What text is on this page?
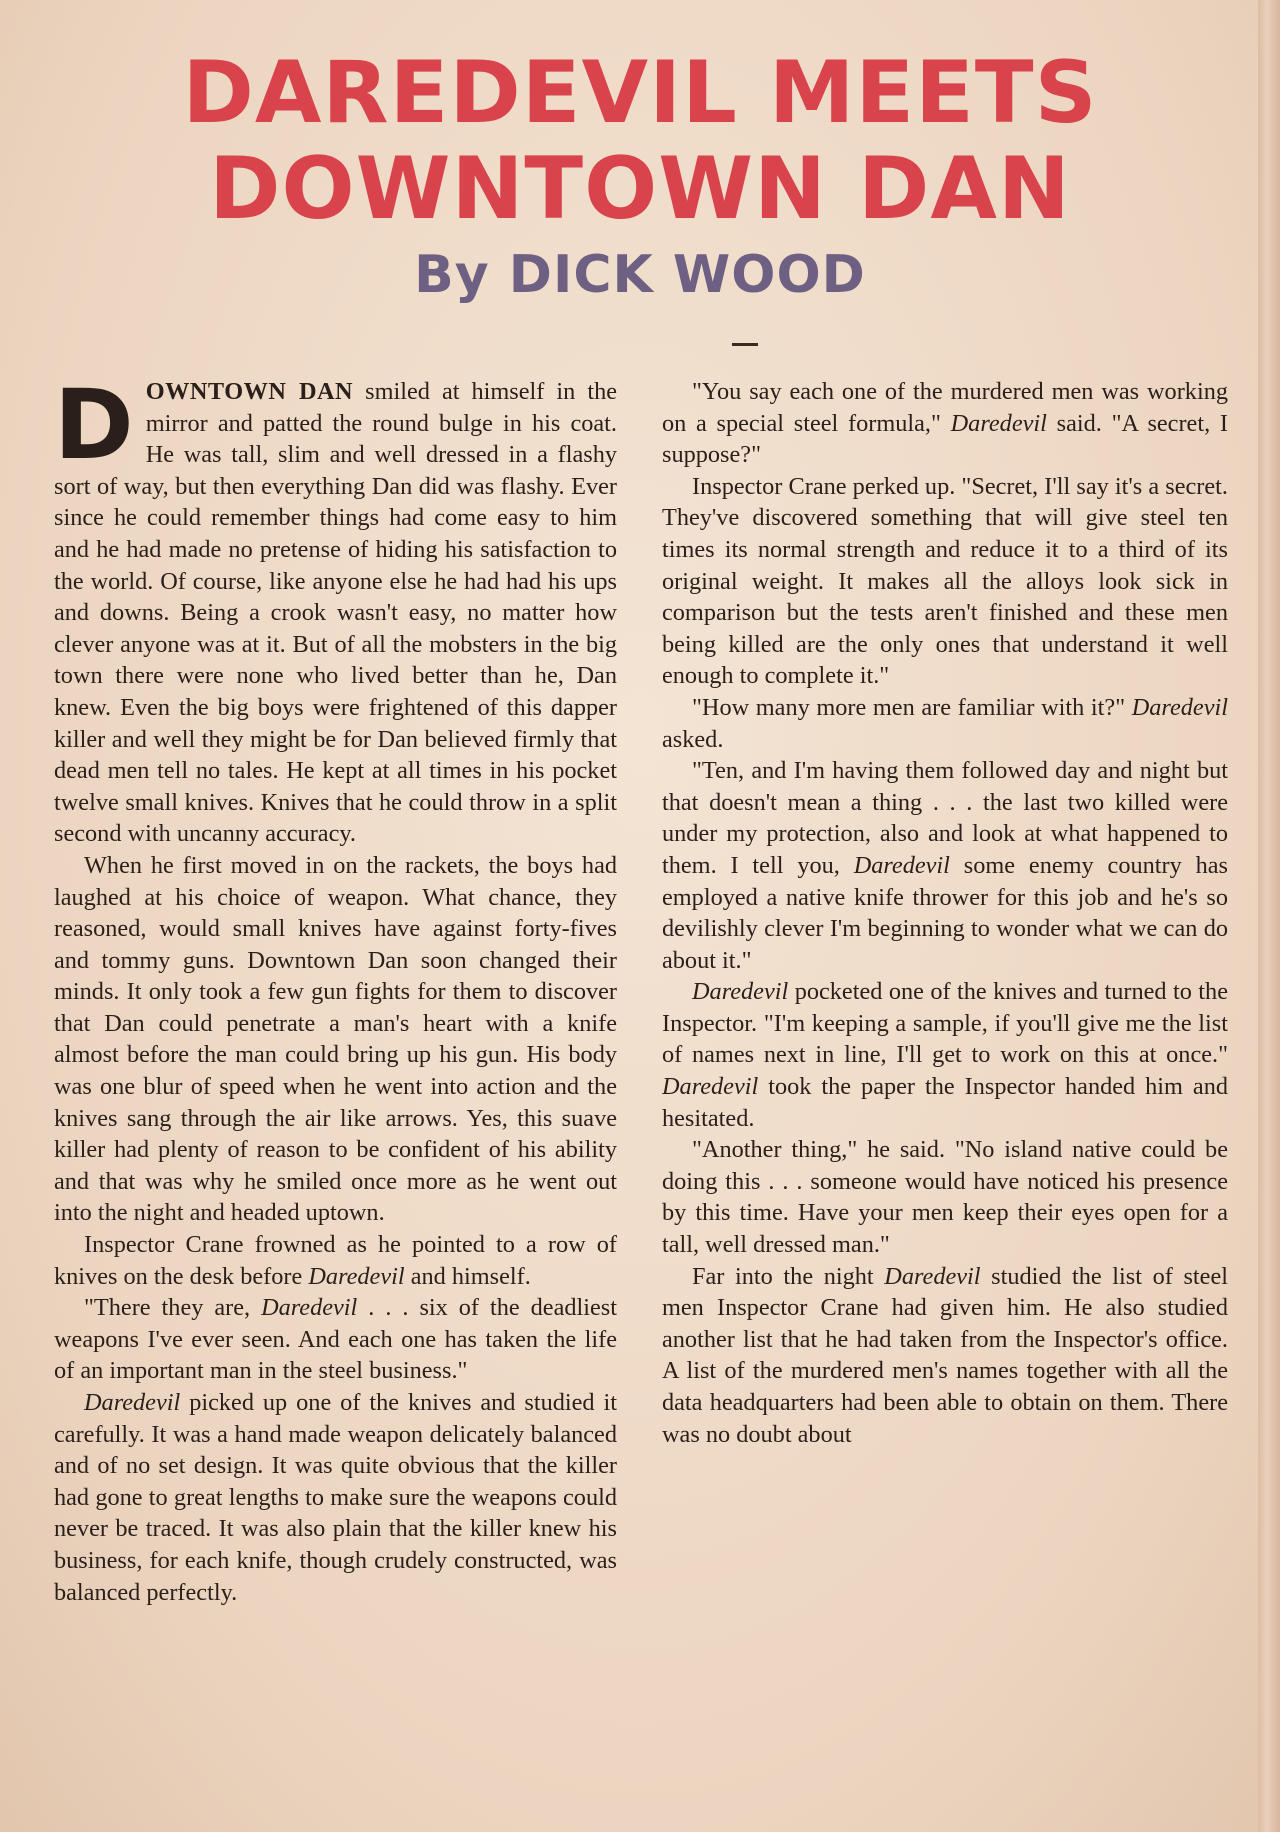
DAREDEVIL MEETS
DOWNTOWN DAN
By DICK WOOD

DOWNTOWN DAN smiled at himself in the mirror and patted the round bulge in his coat. He was tall, slim and well dressed in a flashy sort of way, but then everything Dan did was flashy. Ever since he could remember things had come easy to him and he had made no pretense of hiding his satisfaction to the world. Of course, like anyone else he had had his ups and downs. Being a crook wasn't easy, no matter how clever anyone was at it. But of all the mobsters in the big town there were none who lived better than he, Dan knew. Even the big boys were frightened of this dapper killer and well they might be for Dan believed firmly that dead men tell no tales. He kept at all times in his pocket twelve small knives. Knives that he could throw in a split second with uncanny accuracy.

When he first moved in on the rackets, the boys had laughed at his choice of weapon. What chance, they reasoned, would small knives have against forty-fives and tommy guns. Downtown Dan soon changed their minds. It only took a few gun fights for them to discover that Dan could penetrate a man's heart with a knife almost before the man could bring up his gun. His body was one blur of speed when he went into action and the knives sang through the air like arrows. Yes, this suave killer had plenty of reason to be confident of his ability and that was why he smiled once more as he went out into the night and headed uptown.

Inspector Crane frowned as he pointed to a row of knives on the desk before Daredevil and himself.

"There they are, Daredevil . . . six of the deadliest weapons I've ever seen. And each one has taken the life of an important man in the steel business."

Daredevil picked up one of the knives and studied it carefully. It was a hand made weapon delicately balanced and of no set design. It was quite obvious that the killer had gone to great lengths to make sure the weapons could never be traced. It was also plain that the killer knew his business, for each knife, though crudely constructed, was balanced perfectly.

"You say each one of the murdered men was working on a special steel formula," Daredevil said. "A secret, I suppose?"

Inspector Crane perked up. "Secret, I'll say it's a secret. They've discovered something that will give steel ten times its normal strength and reduce it to a third of its original weight. It makes all the alloys look sick in comparison but the tests aren't finished and these men being killed are the only ones that understand it well enough to complete it."

"How many more men are familiar with it?" Daredevil asked.

"Ten, and I'm having them followed day and night but that doesn't mean a thing . . . the last two killed were under my protection, also and look at what happened to them. I tell you, Daredevil some enemy country has employed a native knife thrower for this job and he's so devilishly clever I'm beginning to wonder what we can do about it."

Daredevil pocketed one of the knives and turned to the Inspector. "I'm keeping a sample, if you'll give me the list of names next in line, I'll get to work on this at once." Daredevil took the paper the Inspector handed him and hesitated.

"Another thing," he said. "No island native could be doing this . . . someone would have noticed his presence by this time. Have your men keep their eyes open for a tall, well dressed man."

Far into the night Daredevil studied the list of steel men Inspector Crane had given him. He also studied another list that he had taken from the Inspector's office. A list of the murdered men's names together with all the data headquarters had been able to obtain on them. There was no doubt about
